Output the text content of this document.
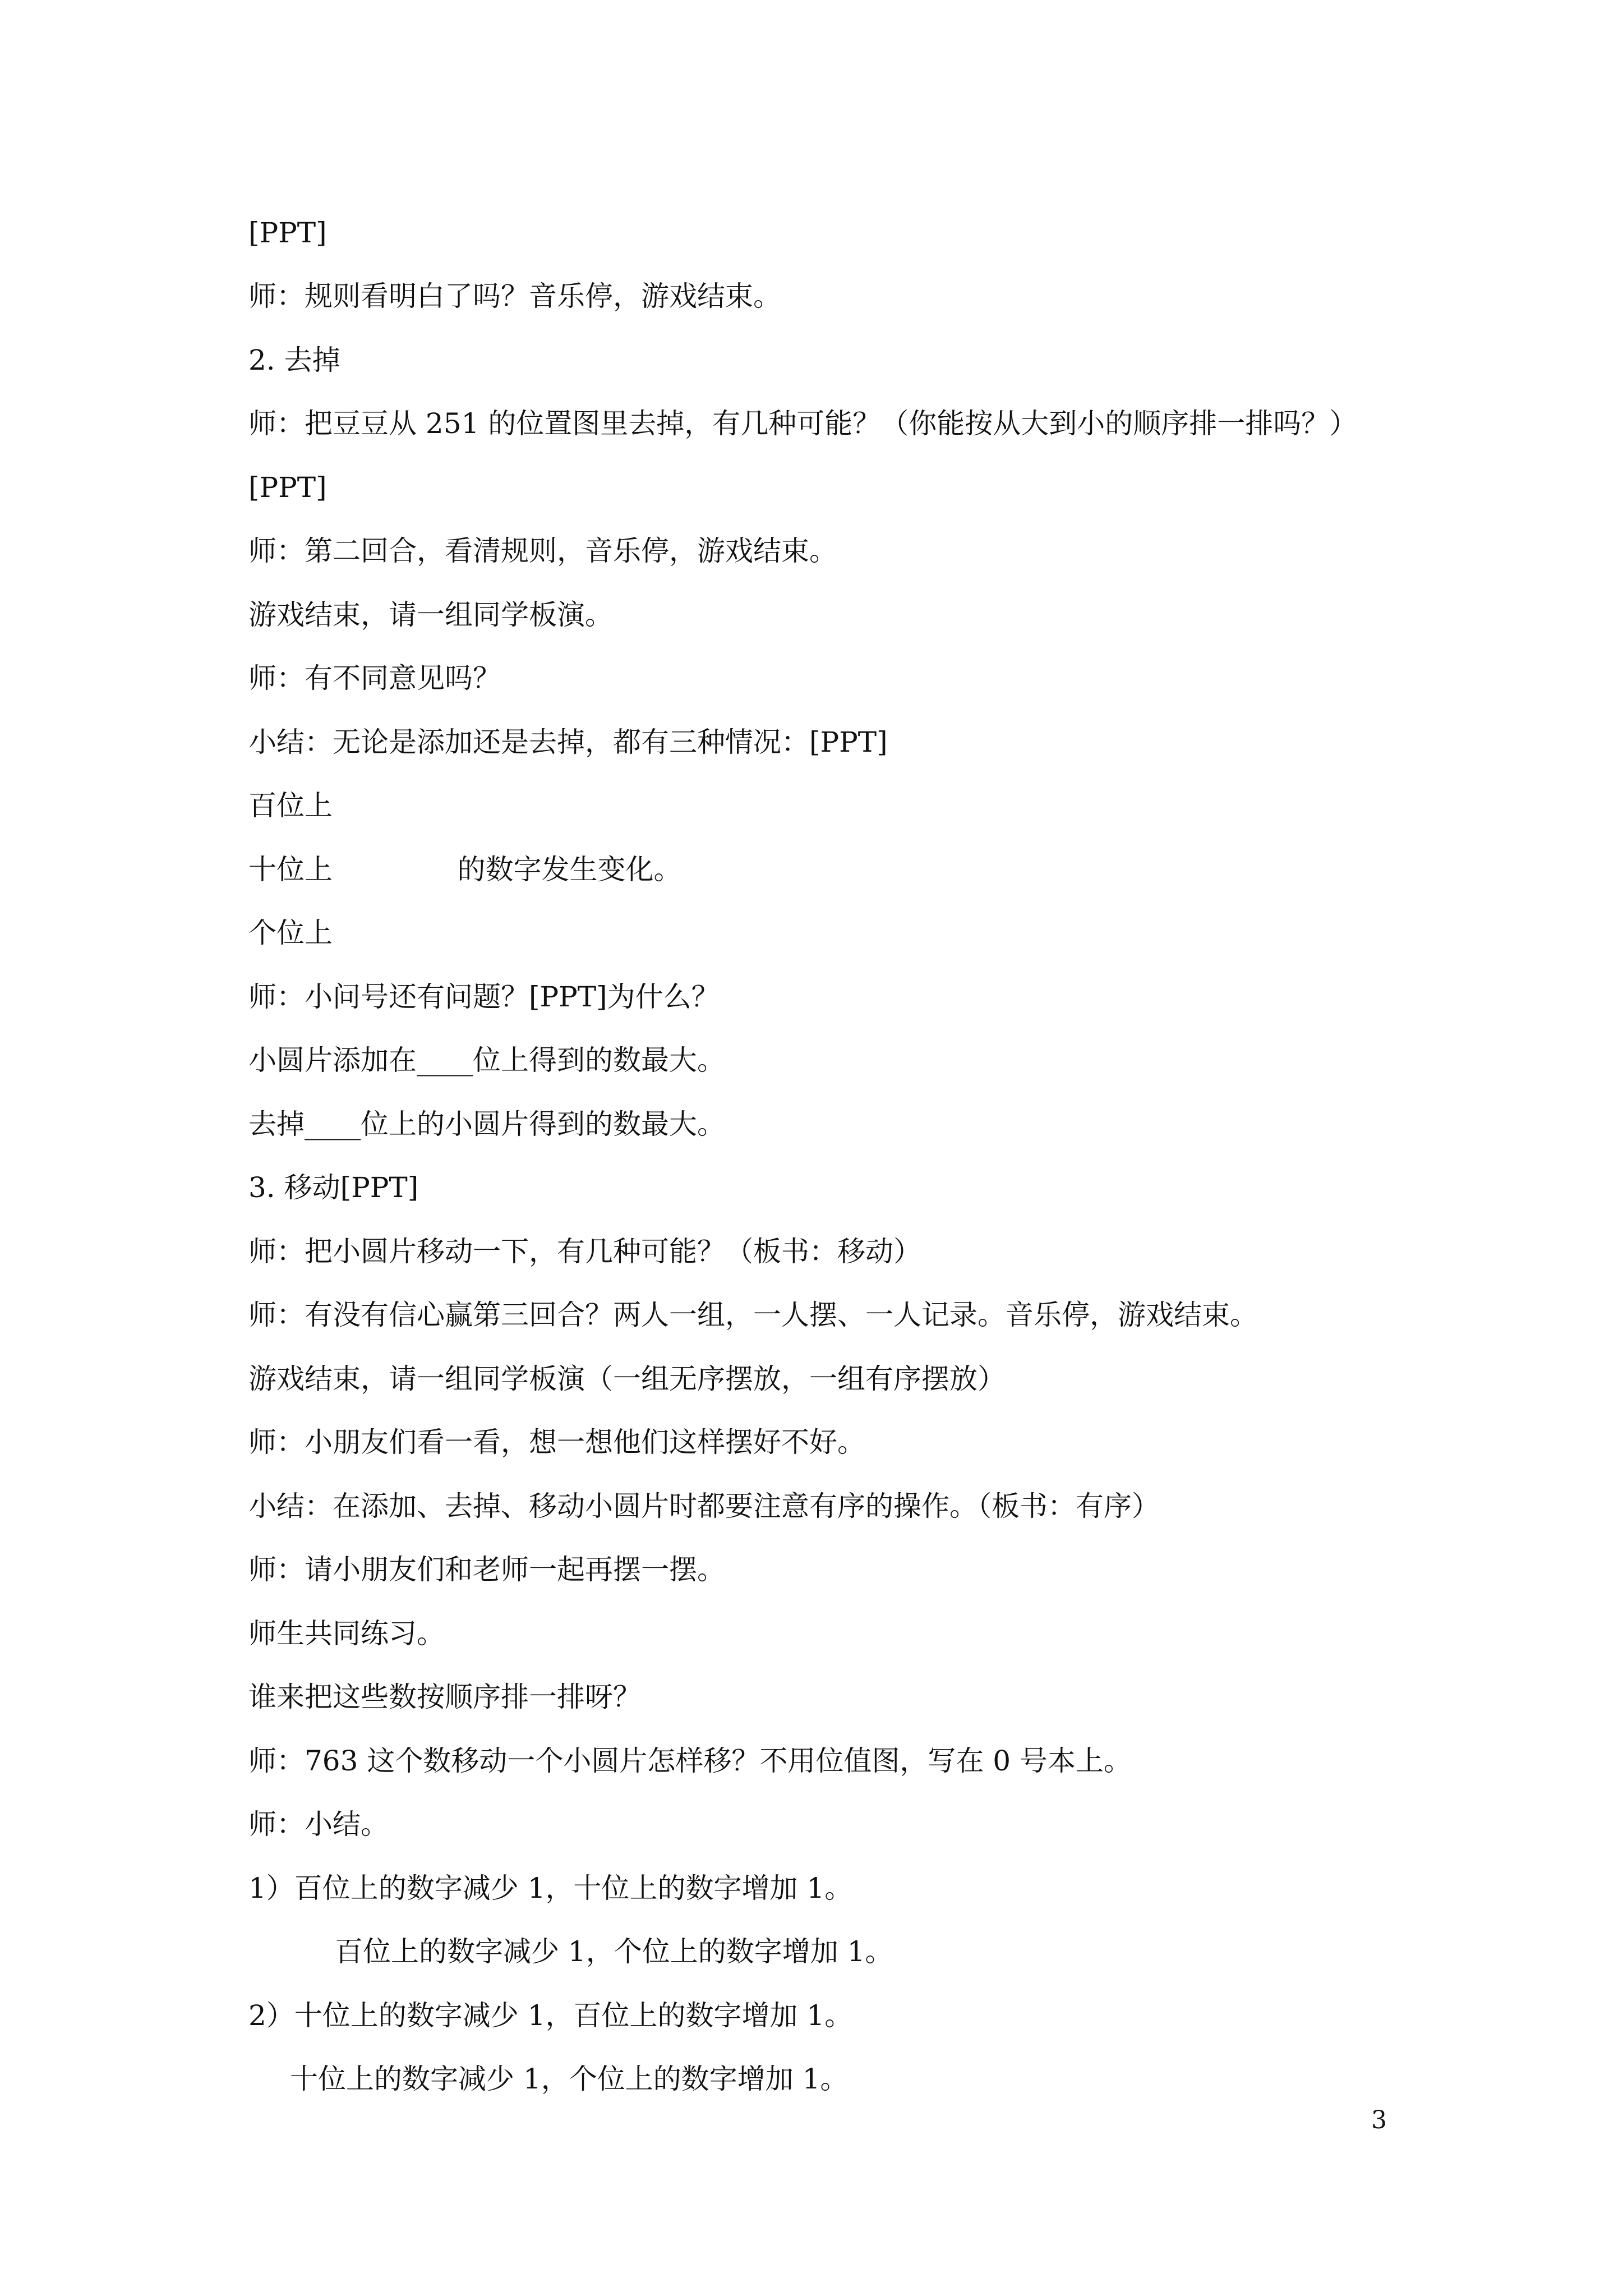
[PPT]
师：规则看明白了吗？音乐停，游戏结束。
2. 去掉
师：把豆豆从 251 的位置图里去掉，有几种可能？（你能按从大到小的顺序排一排吗？）
[PPT]
师：第二回合，看清规则，音乐停，游戏结束。
游戏结束，请一组同学板演。
师：有不同意见吗？
小结：无论是添加还是去掉，都有三种情况：[PPT]
百位上
十位上              的数字发生变化。
个位上
师：小问号还有问题？[PPT]为什么？
小圆片添加在____位上得到的数最大。
去掉____位上的小圆片得到的数最大。
3. 移动[PPT]
师：把小圆片移动一下，有几种可能？（板书：移动）
师：有没有信心赢第三回合？两人一组，一人摆、一人记录。音乐停，游戏结束。
游戏结束，请一组同学板演（一组无序摆放，一组有序摆放）
师：小朋友们看一看，想一想他们这样摆好不好。
小结：在添加、去掉、移动小圆片时都要注意有序的操作。（板书：有序）
师：请小朋友们和老师一起再摆一摆。
师生共同练习。
谁来把这些数按顺序排一排呀？
师：763 这个数移动一个小圆片怎样移？不用位值图，写在 0 号本上。
师：小结。
1）百位上的数字减少 1，十位上的数字增加 1。
百位上的数字减少 1，个位上的数字增加 1。
2）十位上的数字减少 1，百位上的数字增加 1。
十位上的数字减少 1，个位上的数字增加 1。
3
